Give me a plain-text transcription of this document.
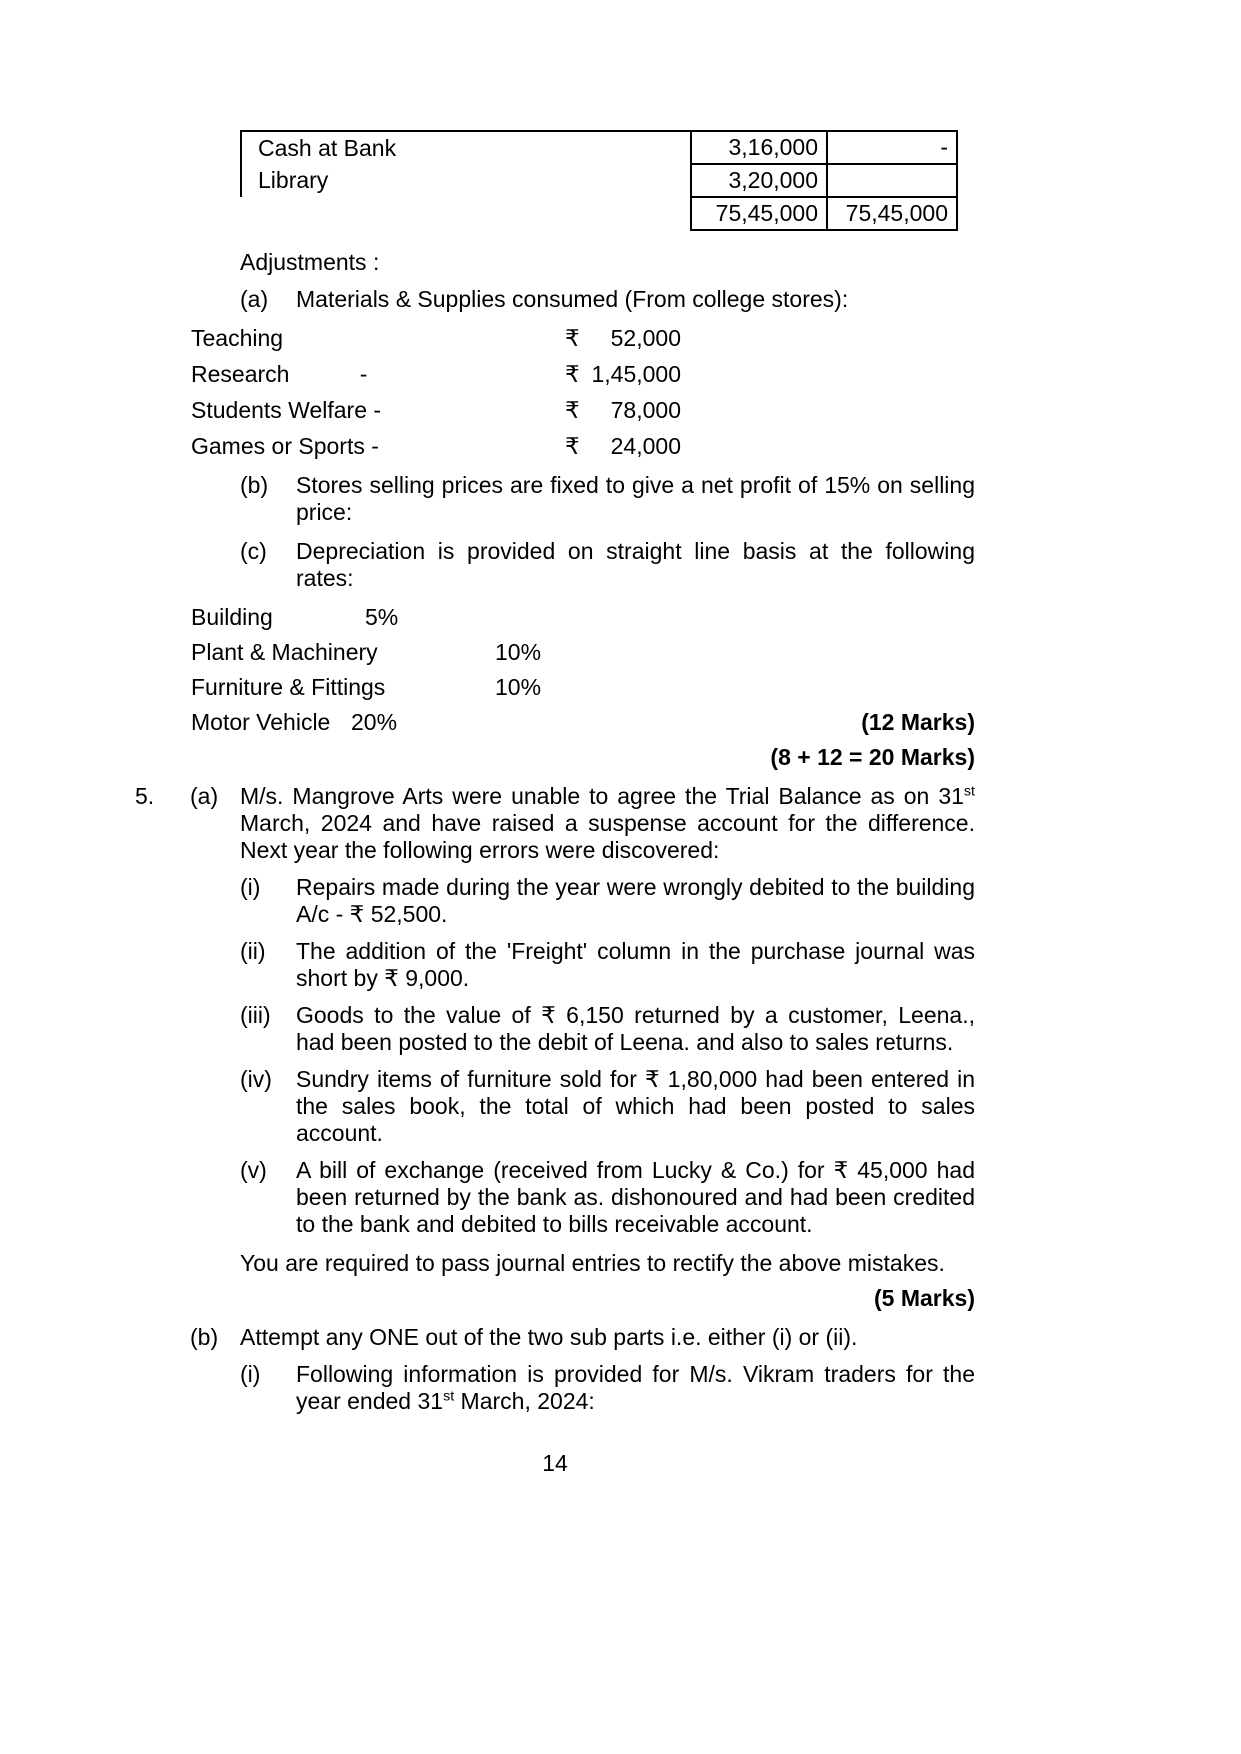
Cash at Bank	3,16,000	-
Library	3,20,000	
	75,45,000	75,45,000
Adjustments :
(a)	Materials & Supplies consumed (From college stores):
Teaching	₹	52,000
Research           -	₹ 1,45,000
Students Welfare -	₹	78,000
Games or Sports -	₹	24,000
(b)	Stores selling prices are fixed to give a net profit of 15% on selling price:
(c)	Depreciation is provided on straight line basis at the following rates:
Building	5%
Plant & Machinery	10%
Furniture & Fittings	10%
Motor Vehicle 20%	(12 Marks)
(8 + 12 = 20 Marks)
5.	(a) M/s. Mangrove Arts were unable to agree the Trial Balance as on 31st March, 2024 and have raised a suspense account for the difference. Next year the following errors were discovered:
(i)	Repairs made during the year were wrongly debited to the building A/c - ₹ 52,500.
(ii)	The addition of the 'Freight' column in the purchase journal was short by ₹ 9,000.
(iii)	Goods to the value of ₹ 6,150 returned by a customer, Leena., had been posted to the debit of Leena. and also to sales returns.
(iv)	Sundry items of furniture sold for ₹ 1,80,000 had been entered in the sales book, the total of which had been posted to sales account.
(v)	A bill of exchange (received from Lucky & Co.) for ₹ 45,000 had been returned by the bank as. dishonoured and had been credited to the bank and debited to bills receivable account.
You are required to pass journal entries to rectify the above mistakes.
(5 Marks)
(b) Attempt any ONE out of the two sub parts i.e. either (i) or (ii).
(i)	Following information is provided for M/s. Vikram traders for the year ended 31st March, 2024:
14
